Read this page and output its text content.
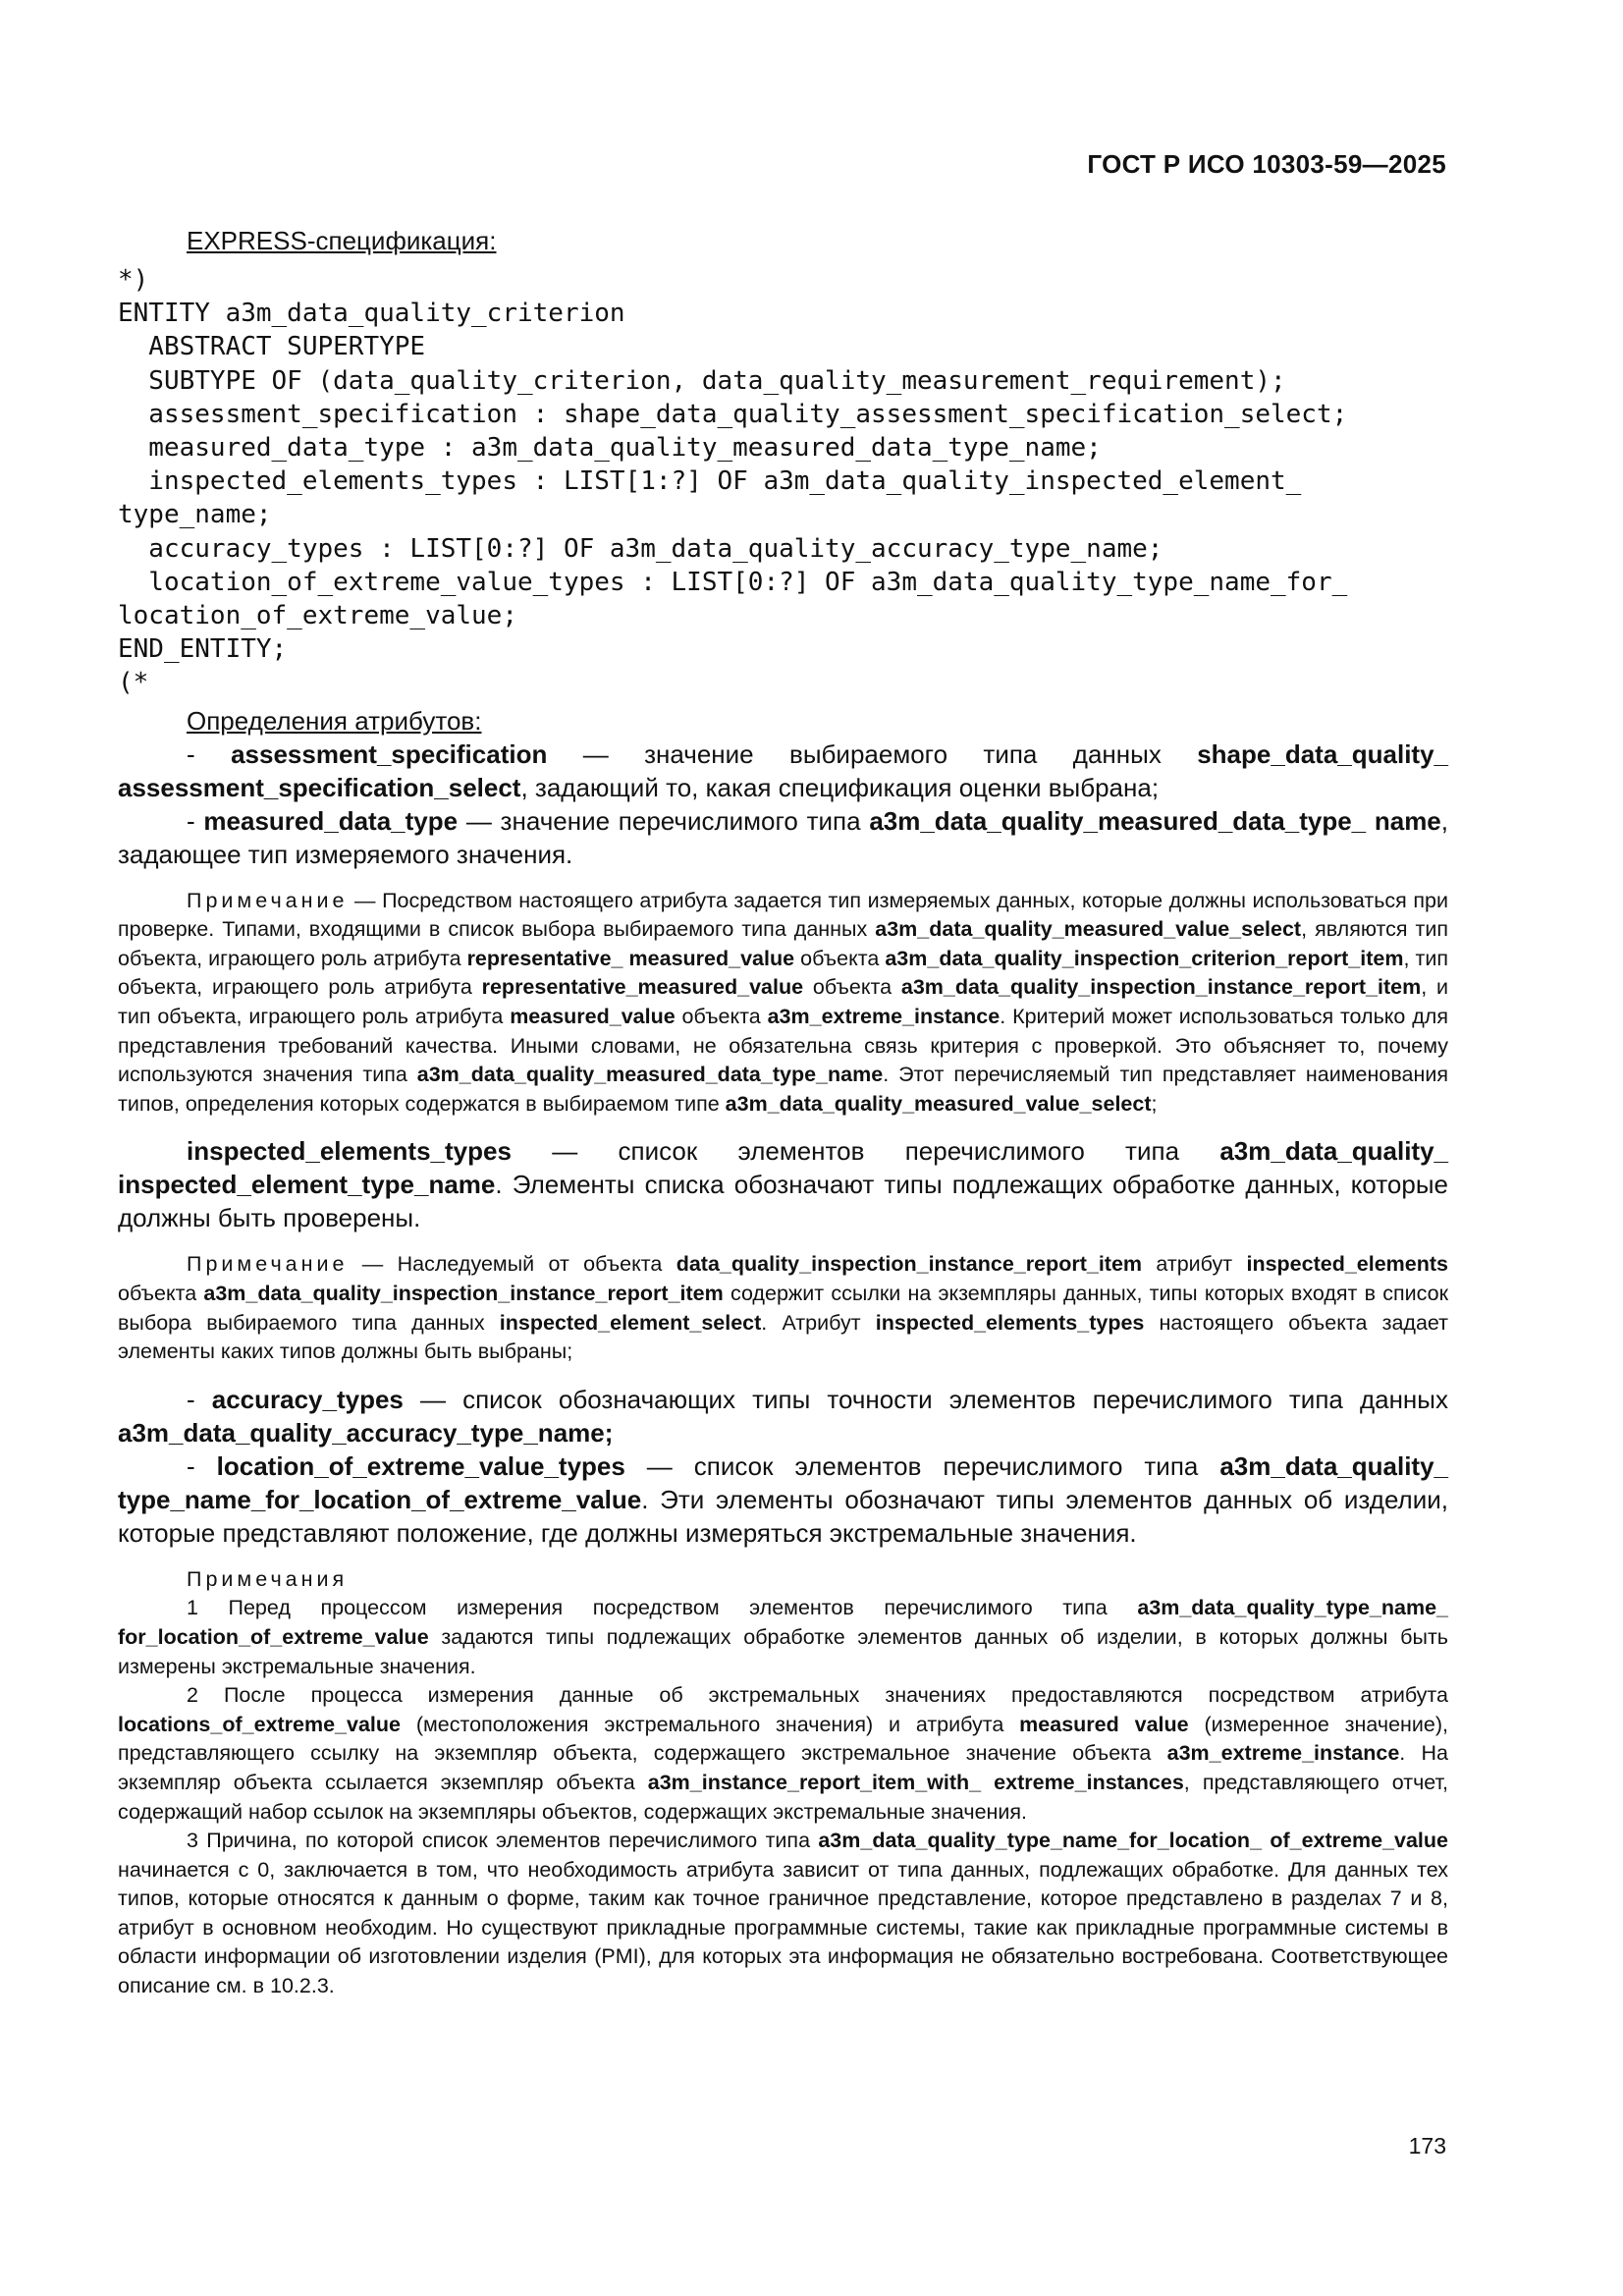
ГОСТ Р ИСО 10303-59—2025

EXPRESS-спецификация:

*)

ENTITY a3m_data_quality_criterion

ABSTRACT SUPERTYPE

SUBTYPE OF (data_quality_criterion, data_quality_measurement_requirement);

assessment_specification : shape_data_quality_assessment_specification_select;

measured_data_type : a3m_data_quality_measured_data_type_name;

inspected_elements_types : LIST[1:?] OF a3m_data_quality_inspected_element_

type_name;

accuracy_types : LIST[0:?] OF a3m_data_quality_accuracy_type_name;

location_of_extreme_value_types : LIST[0:?] OF a3m_data_quality_type_name_for_

location_of_extreme_value;

END_ENTITY;

(*

Определения атрибутов:

- assessment_specification — значение выбираемого типа данных shape_data_quality_ assessment_specification_select, задающий то, какая спецификация оценки выбрана;

- measured_data_type — значение перечислимого типа a3m_data_quality_measured_data_type_ name, задающее тип измеряемого значения.

Примечание — Посредством настоящего атрибута задается тип измеряемых данных, которые должны использоваться при проверке. Типами, входящими в список выбора выбираемого типа данных a3m_data_quality_measured_value_select, являются тип объекта, играющего роль атрибута representative_ measured_value объекта a3m_data_quality_inspection_criterion_report_item, тип объекта, играющего роль атрибута representative_measured_value объекта a3m_data_quality_inspection_instance_report_item, и тип объекта, играющего роль атрибута measured_value объекта a3m_extreme_instance. Критерий может использоваться только для представления требований качества. Иными словами, не обязательна связь критерия с проверкой. Это объясняет то, почему используются значения типа a3m_data_quality_measured_data_type_name. Этот перечисляемый тип представляет наименования типов, определения которых содержатся в выбираемом типе a3m_data_quality_measured_value_select;

inspected_elements_types — список элементов перечислимого типа a3m_data_quality_ inspected_element_type_name. Элементы списка обозначают типы подлежащих обработке данных, которые должны быть проверены.

Примечание — Наследуемый от объекта data_quality_inspection_instance_report_item атрибут inspected_elements объекта a3m_data_quality_inspection_instance_report_item содержит ссылки на экземпляры данных, типы которых входят в список выбора выбираемого типа данных inspected_element_select. Атрибут inspected_elements_types настоящего объекта задает элементы каких типов должны быть выбраны;

- accuracy_types — список обозначающих типы точности элементов перечислимого типа данных a3m_data_quality_accuracy_type_name;

- location_of_extreme_value_types — список элементов перечислимого типа a3m_data_quality_ type_name_for_location_of_extreme_value. Эти элементы обозначают типы элементов данных об изделии, которые представляют положение, где должны измеряться экстремальные значения.

Примечания

1 Перед процессом измерения посредством элементов перечислимого типа a3m_data_quality_type_name_ for_location_of_extreme_value задаются типы подлежащих обработке элементов данных об изделии, в которых должны быть измерены экстремальные значения.

2 После процесса измерения данные об экстремальных значениях предоставляются посредством атрибута locations_of_extreme_value (местоположения экстремального значения) и атрибута measured value (измеренное значение), представляющего ссылку на экземпляр объекта, содержащего экстремальное значение объекта a3m_extreme_instance. На экземпляр объекта ссылается экземпляр объекта a3m_instance_report_item_with_ extreme_instances, представляющего отчет, содержащий набор ссылок на экземпляры объектов, содержащих экстремальные значения.

3 Причина, по которой список элементов перечислимого типа a3m_data_quality_type_name_for_location_ of_extreme_value начинается с 0, заключается в том, что необходимость атрибута зависит от типа данных, подлежащих обработке. Для данных тех типов, которые относятся к данным о форме, таким как точное граничное представление, которое представлено в разделах 7 и 8, атрибут в основном необходим. Но существуют прикладные программные системы, такие как прикладные программные системы в области информации об изготовлении изделия (PMI), для которых эта информация не обязательно востребована. Соответствующее описание см. в 10.2.3.

173
